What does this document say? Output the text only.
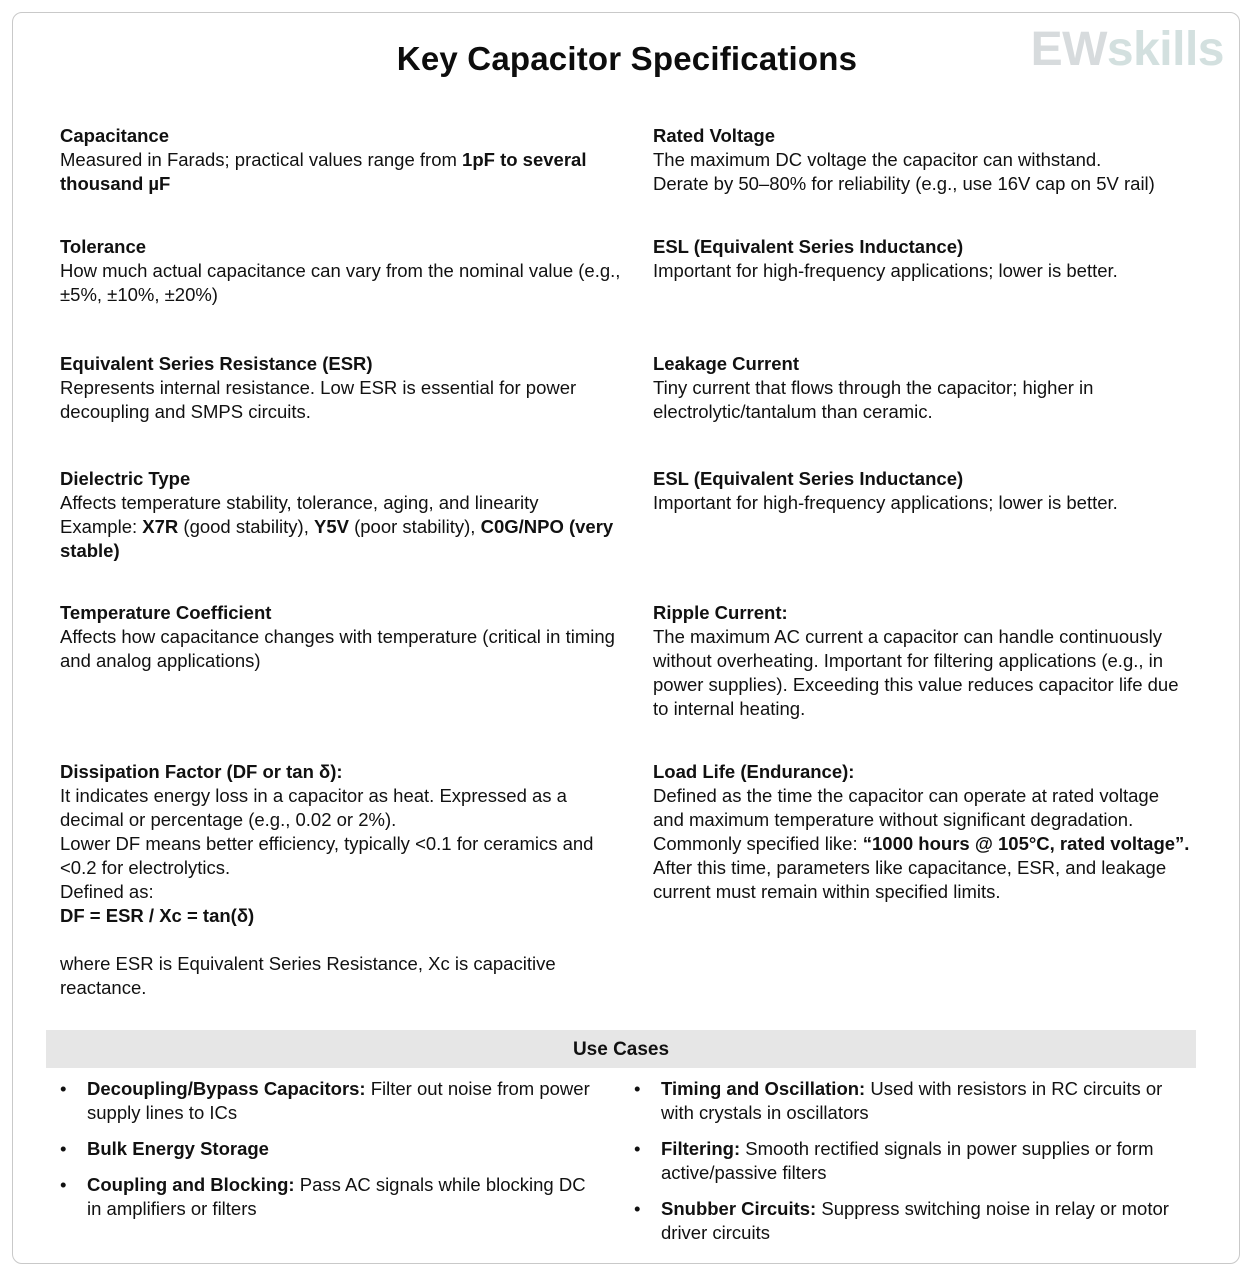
Key Capacitor Specifications	EWskills
Capacitance

Measured in Farads; practical values range from 1pF to several thousand µF

Tolerance

How much actual capacitance can vary from the nominal value (e.g., ±5%, ±10%, ±20%)

Equivalent Series Resistance (ESR)

Represents internal resistance. Low ESR is essential for power decoupling and SMPS circuits.

Dielectric Type

Affects temperature stability, tolerance, aging, and linearity

Example: X7R (good stability), Y5V (poor stability), C0G/NPO (very stable)

Temperature Coefficient

Affects how capacitance changes with temperature (critical in timing and analog applications)

Dissipation Factor (DF or tan δ):

It indicates energy loss in a capacitor as heat. Expressed as a decimal or percentage (e.g., 0.02 or 2%).

Lower DF means better efficiency, typically <0.1 for ceramics and <0.2 for electrolytics.

Defined as:

DF = ESR / Xc = tan(δ)

where ESR is Equivalent Series Resistance, Xc is capacitive reactance.

Rated Voltage

The maximum DC voltage the capacitor can withstand.

Derate by 50–80% for reliability (e.g., use 16V cap on 5V rail)

ESL (Equivalent Series Inductance)

Important for high-frequency applications; lower is better.

Leakage Current

Tiny current that flows through the capacitor; higher in electrolytic/tantalum than ceramic.

ESL (Equivalent Series Inductance)

Important for high-frequency applications; lower is better.

Ripple Current:

The maximum AC current a capacitor can handle continuously without overheating. Important for filtering applications (e.g., in power supplies). Exceeding this value reduces capacitor life due to internal heating.

Load Life (Endurance):

Defined as the time the capacitor can operate at rated voltage and maximum temperature without significant degradation. Commonly specified like: “1000 hours @ 105°C, rated voltage”.

After this time, parameters like capacitance, ESR, and leakage current must remain within specified limits.

Use Cases
• Decoupling/Bypass Capacitors: Filter out noise from power supply lines to ICs
• Bulk Energy Storage
• Coupling and Blocking: Pass AC signals while blocking DC in amplifiers or filters
• Timing and Oscillation: Used with resistors in RC circuits or with crystals in oscillators
• Filtering: Smooth rectified signals in power supplies or form active/passive filters
• Snubber Circuits: Suppress switching noise in relay or motor driver circuits
